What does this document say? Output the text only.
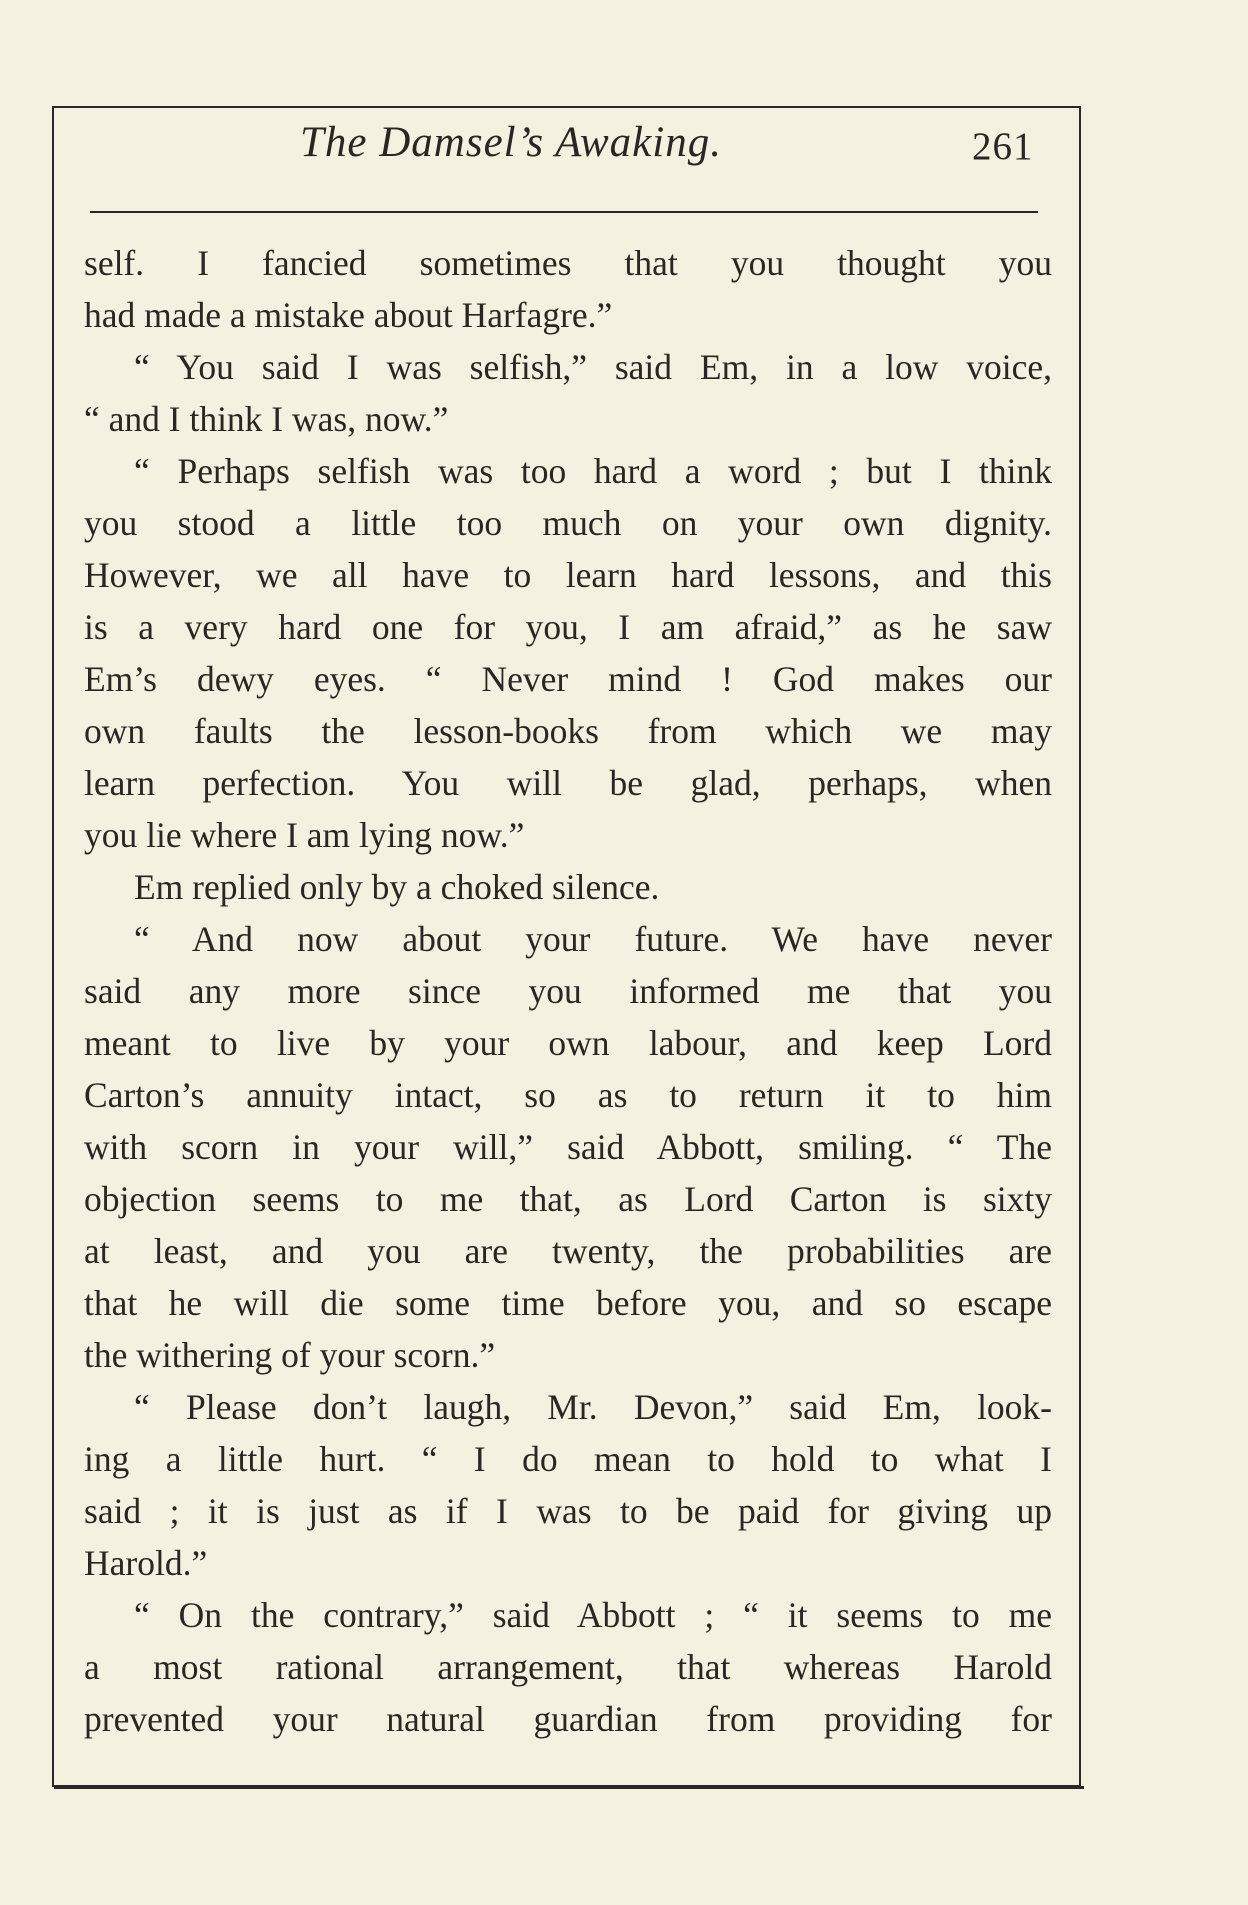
The Damsel’s Awaking.	261
self. I fancied sometimes that you thought you
had made a mistake about Harfagre.”
“ You said I was selfish,” said Em, in a low voice,
“ and I think I was, now.”
“ Perhaps selfish was too hard a word ; but I think
you stood a little too much on your own dignity.
However, we all have to learn hard lessons, and this
is a very hard one for you, I am afraid,” as he saw
Em’s dewy eyes. “ Never mind ! God makes our
own faults the lesson-books from which we may
learn perfection. You will be glad, perhaps, when
you lie where I am lying now.”
Em replied only by a choked silence.
“ And now about your future. We have never
said any more since you informed me that you
meant to live by your own labour, and keep Lord
Carton’s annuity intact, so as to return it to him
with scorn in your will,” said Abbott, smiling. “ The
objection seems to me that, as Lord Carton is sixty
at least, and you are twenty, the probabilities are
that he will die some time before you, and so escape
the withering of your scorn.”
“ Please don’t laugh, Mr. Devon,” said Em, look-
ing a little hurt. “ I do mean to hold to what I
said ; it is just as if I was to be paid for giving up
Harold.”
“ On the contrary,” said Abbott ; “ it seems to me
a most rational arrangement, that whereas Harold
prevented your natural guardian from providing for
